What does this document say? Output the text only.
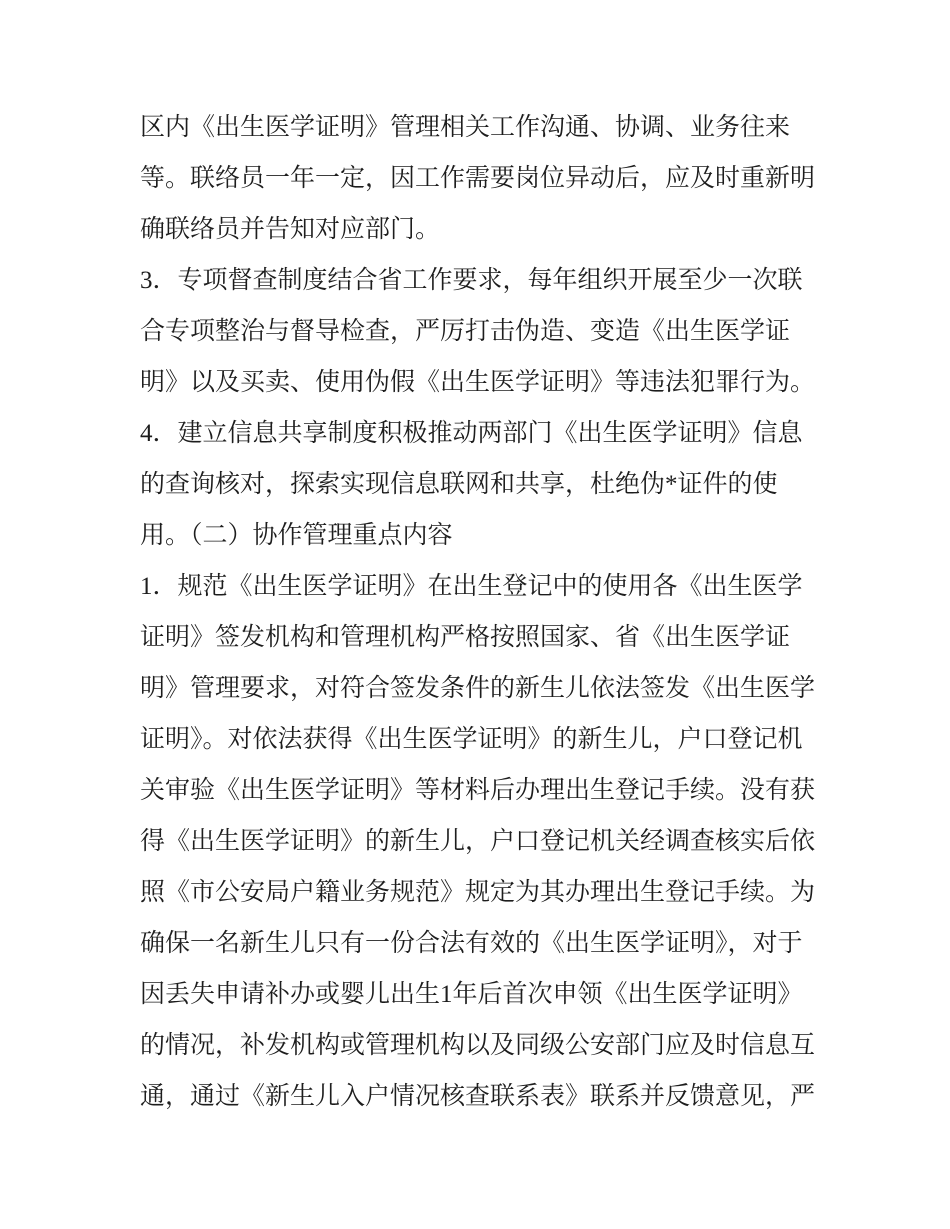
区内《出生医学证明》管理相关工作沟通、协调、业务往来
等。联络员一年一定，因工作需要岗位异动后，应及时重新明
确联络员并告知对应部门。
3．专项督查制度结合省工作要求，每年组织开展至少一次联
合专项整治与督导检查，严厉打击伪造、变造《出生医学证
明》以及买卖、使用伪假《出生医学证明》等违法犯罪行为。
4．建立信息共享制度积极推动两部门《出生医学证明》信息
的查询核对，探索实现信息联网和共享，杜绝伪*证件的使
用。（二）协作管理重点内容
1．规范《出生医学证明》在出生登记中的使用各《出生医学
证明》签发机构和管理机构严格按照国家、省《出生医学证
明》管理要求，对符合签发条件的新生儿依法签发《出生医学
证明》。对依法获得《出生医学证明》的新生儿，户口登记机
关审验《出生医学证明》等材料后办理出生登记手续。没有获
得《出生医学证明》的新生儿，户口登记机关经调查核实后依
照《市公安局户籍业务规范》规定为其办理出生登记手续。为
确保一名新生儿只有一份合法有效的《出生医学证明》，对于
因丢失申请补办或婴儿出生1年后首次申领《出生医学证明》
的情况，补发机构或管理机构以及同级公安部门应及时信息互
通，通过《新生儿入户情况核查联系表》联系并反馈意见，严
